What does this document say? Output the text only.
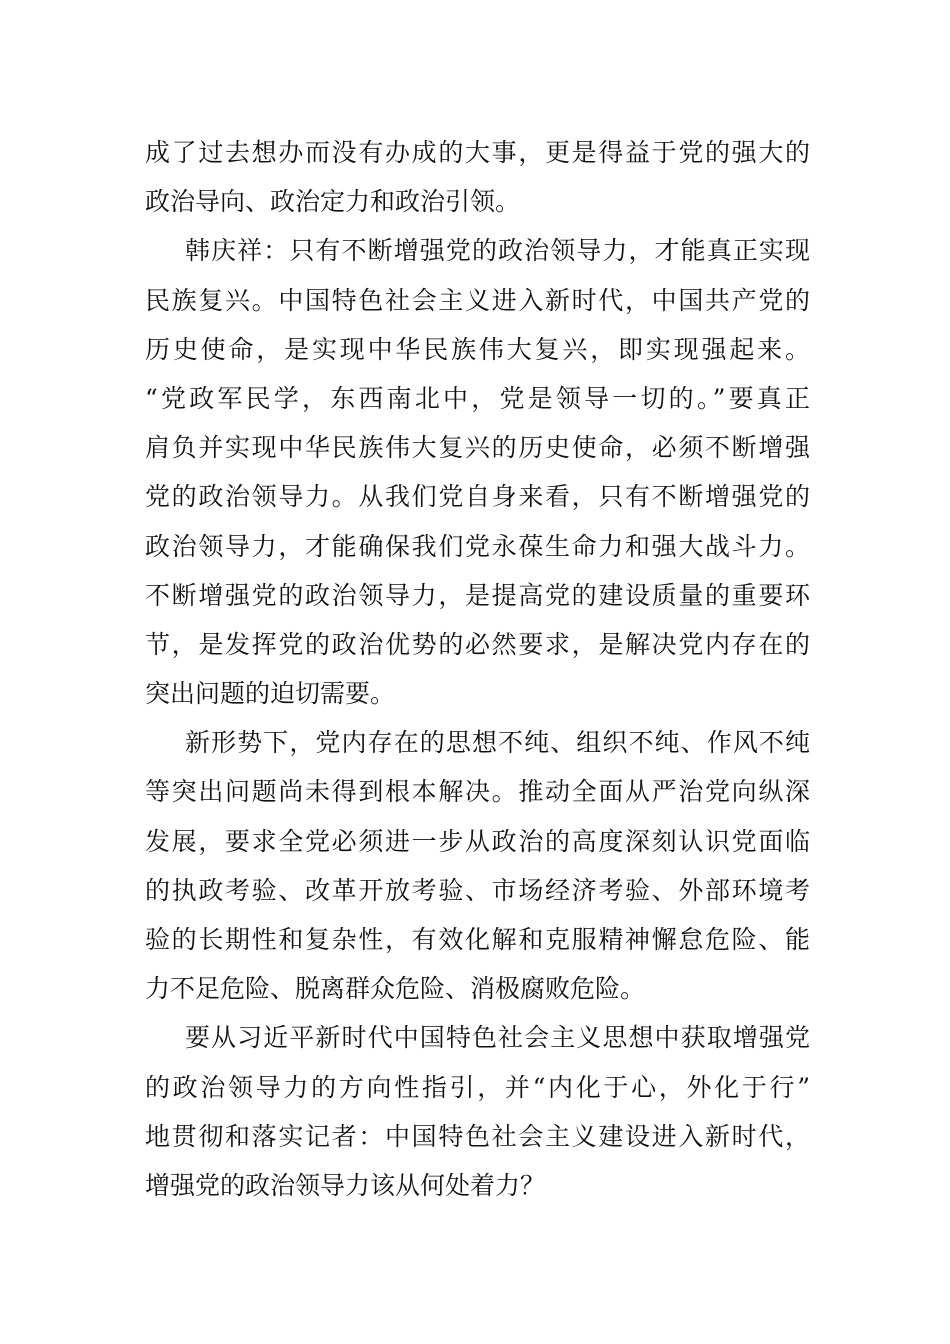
成了过去想办而没有办成的大事，更是得益于党的强大的
政治导向、政治定力和政治引领。
韩庆祥：只有不断增强党的政治领导力，才能真正实现
民族复兴。中国特色社会主义进入新时代，中国共产党的
历史使命，是实现中华民族伟大复兴，即实现强起来。
“党政军民学，东西南北中，党是领导一切的。”要真正
肩负并实现中华民族伟大复兴的历史使命，必须不断增强
党的政治领导力。从我们党自身来看，只有不断增强党的
政治领导力，才能确保我们党永葆生命力和强大战斗力。
不断增强党的政治领导力，是提高党的建设质量的重要环
节，是发挥党的政治优势的必然要求，是解决党内存在的
突出问题的迫切需要。
新形势下，党内存在的思想不纯、组织不纯、作风不纯
等突出问题尚未得到根本解决。推动全面从严治党向纵深
发展，要求全党必须进一步从政治的高度深刻认识党面临
的执政考验、改革开放考验、市场经济考验、外部环境考
验的长期性和复杂性，有效化解和克服精神懈怠危险、能
力不足危险、脱离群众危险、消极腐败危险。
要从习近平新时代中国特色社会主义思想中获取增强党
的政治领导力的方向性指引，并“内化于心，外化于行”
地贯彻和落实记者：中国特色社会主义建设进入新时代，
增强党的政治领导力该从何处着力？
